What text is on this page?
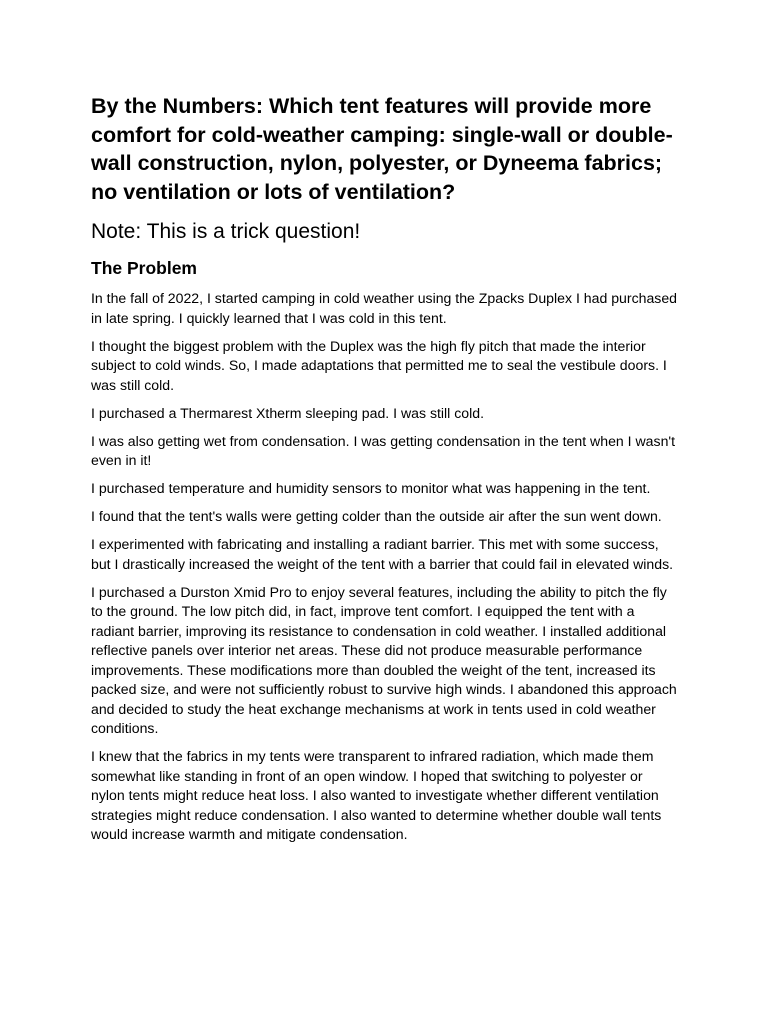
By the Numbers: Which tent features will provide more comfort for cold-weather camping: single-wall or double-wall construction, nylon, polyester, or Dyneema fabrics; no ventilation or lots of ventilation?
Note: This is a trick question!
The Problem

In the fall of 2022, I started camping in cold weather using the Zpacks Duplex I had purchased in late spring. I quickly learned that I was cold in this tent.

I thought the biggest problem with the Duplex was the high fly pitch that made the interior subject to cold winds. So, I made adaptations that permitted me to seal the vestibule doors. I was still cold.

I purchased a Thermarest Xtherm sleeping pad. I was still cold.

I was also getting wet from condensation. I was getting condensation in the tent when I wasn't even in it!

I purchased temperature and humidity sensors to monitor what was happening in the tent.

I found that the tent's walls were getting colder than the outside air after the sun went down.

I experimented with fabricating and installing a radiant barrier. This met with some success, but I drastically increased the weight of the tent with a barrier that could fail in elevated winds.

I purchased a Durston Xmid Pro to enjoy several features, including the ability to pitch the fly to the ground. The low pitch did, in fact, improve tent comfort. I equipped the tent with a radiant barrier, improving its resistance to condensation in cold weather. I installed additional reflective panels over interior net areas. These did not produce measurable performance improvements. These modifications more than doubled the weight of the tent, increased its packed size, and were not sufficiently robust to survive high winds. I abandoned this approach and decided to study the heat exchange mechanisms at work in tents used in cold weather conditions.

I knew that the fabrics in my tents were transparent to infrared radiation, which made them somewhat like standing in front of an open window. I hoped that switching to polyester or nylon tents might reduce heat loss. I also wanted to investigate whether different ventilation strategies might reduce condensation. I also wanted to determine whether double wall tents would increase warmth and mitigate condensation.
